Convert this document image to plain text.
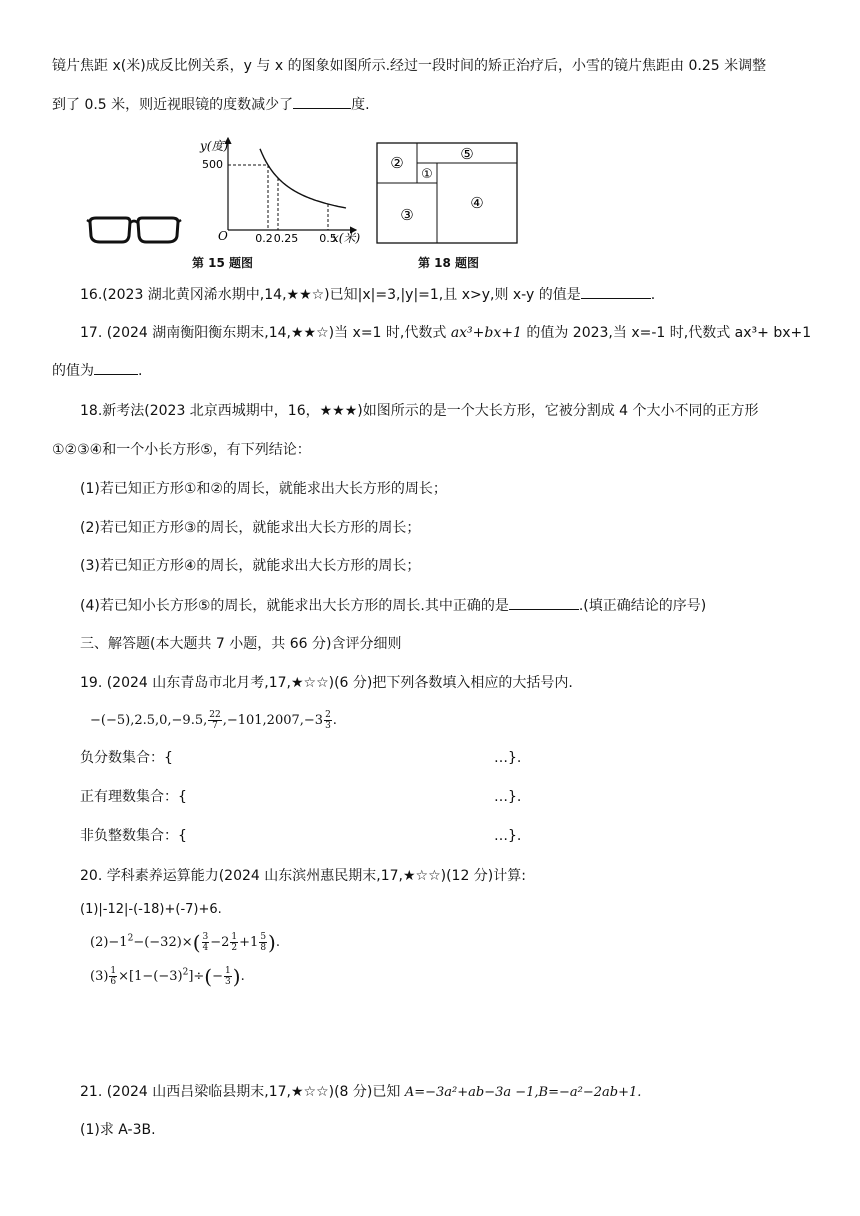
镜片焦距 x(米)成反比例关系，y 与 x 的图象如图所示.经过一段时间的矫正治疗后，小雪的镜片焦距由 0.25 米调整
到了 0.5 米，则近视眼镜的度数减少了	度.
y(度)
500
O 0.2 0.25 0.5
x(米)
第 15 题图
②	⑤
①
③
④
第 18 题图
16.(2023 湖北黄冈浠水期中,14,★★☆)已知|x|=3,|y|=1,且 x>y,则 x-y 的值是	.
17. (2024 湖南衡阳衡东期末,14,★★☆)当 x=1 时,代数式 ax³+bx+1 的值为 2023,当 x=-1 时,代数式 ax³+ bx+1
的值为	.
18.新考法(2023 北京西城期中，16，★★★)如图所示的是一个大长方形，它被分割成 4 个大小不同的正方形
①②③④和一个小长方形⑤，有下列结论：
(1)若已知正方形①和②的周长，就能求出大长方形的周长；
(2)若已知正方形③的周长，就能求出大长方形的周长；
(3)若已知正方形④的周长，就能求出大长方形的周长；
(4)若已知小长方形⑤的周长，就能求出大长方形的周长.其中正确的是	.(填正确结论的序号)
三、解答题(本大题共 7 小题，共 66 分)含评分细则
19. (2024 山东青岛市北月考,17,★☆☆)(6 分)把下列各数填入相应的大括号内.
−(−5),2.5,0,−9.5, $\frac{22}{7} ,-101,2007,-3 \frac{2}{3}$ .
负分数集合：{	…}.
正有理数集合：{	…}.
非负整数集合：{	…}.
20. 学科素养运算能力(2024 山东滨州惠民期末,17,★☆☆)(12 分)计算:
(1)|-12|-(-18)+(-7)+6.
$(2)-1^2-(-32)\times( \frac{3}{4} -2 \frac{1}{2} +1 \frac{5}{8}$ ).
$(3) \frac{1}{6} \times[1-(-3)^2]\div(- \frac{1}{3}$ ).
21. (2024 山西吕梁临县期末,17,★☆☆)(8 分)已知 A=−3a²+ab−3a −1,B=−a²−2ab+1.
(1)求 A-3B.
